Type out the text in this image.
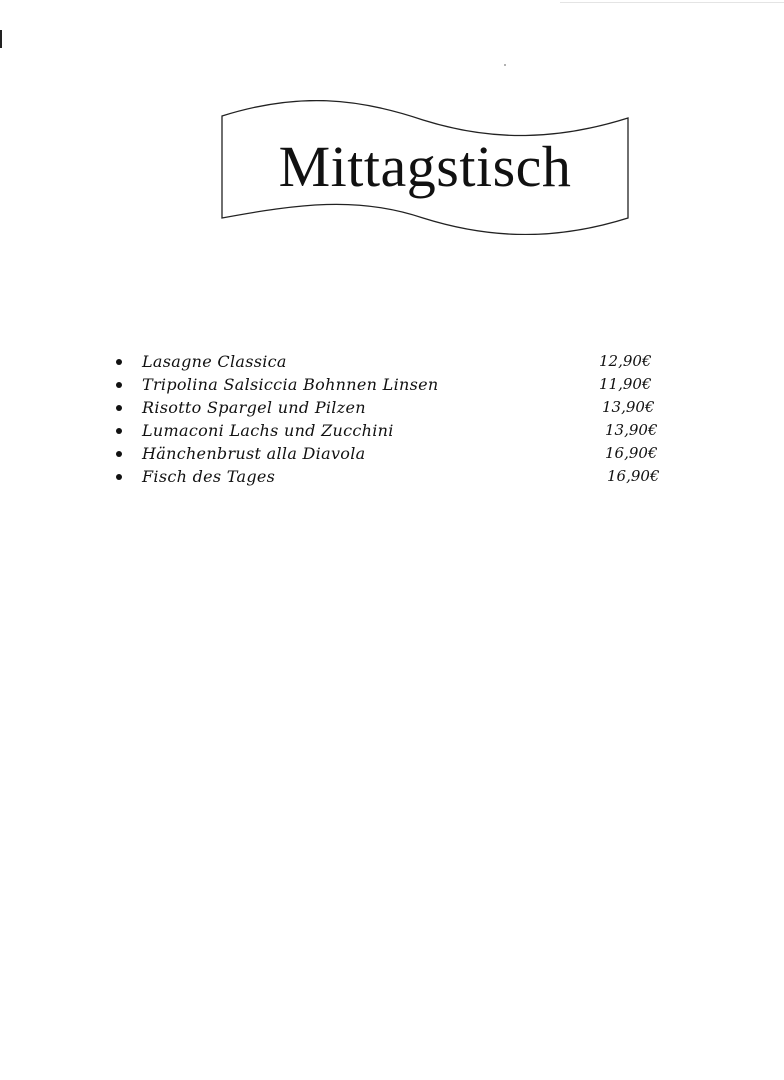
Mittagstisch
Lasagne Classica	12,90€
Tripolina Salsiccia Bohnnen Linsen	11,90€
Risotto Spargel und Pilzen	13,90€
Lumaconi Lachs und Zucchini	13,90€
Hänchenbrust alla Diavola	16,90€
Fisch des Tages	16,90€
